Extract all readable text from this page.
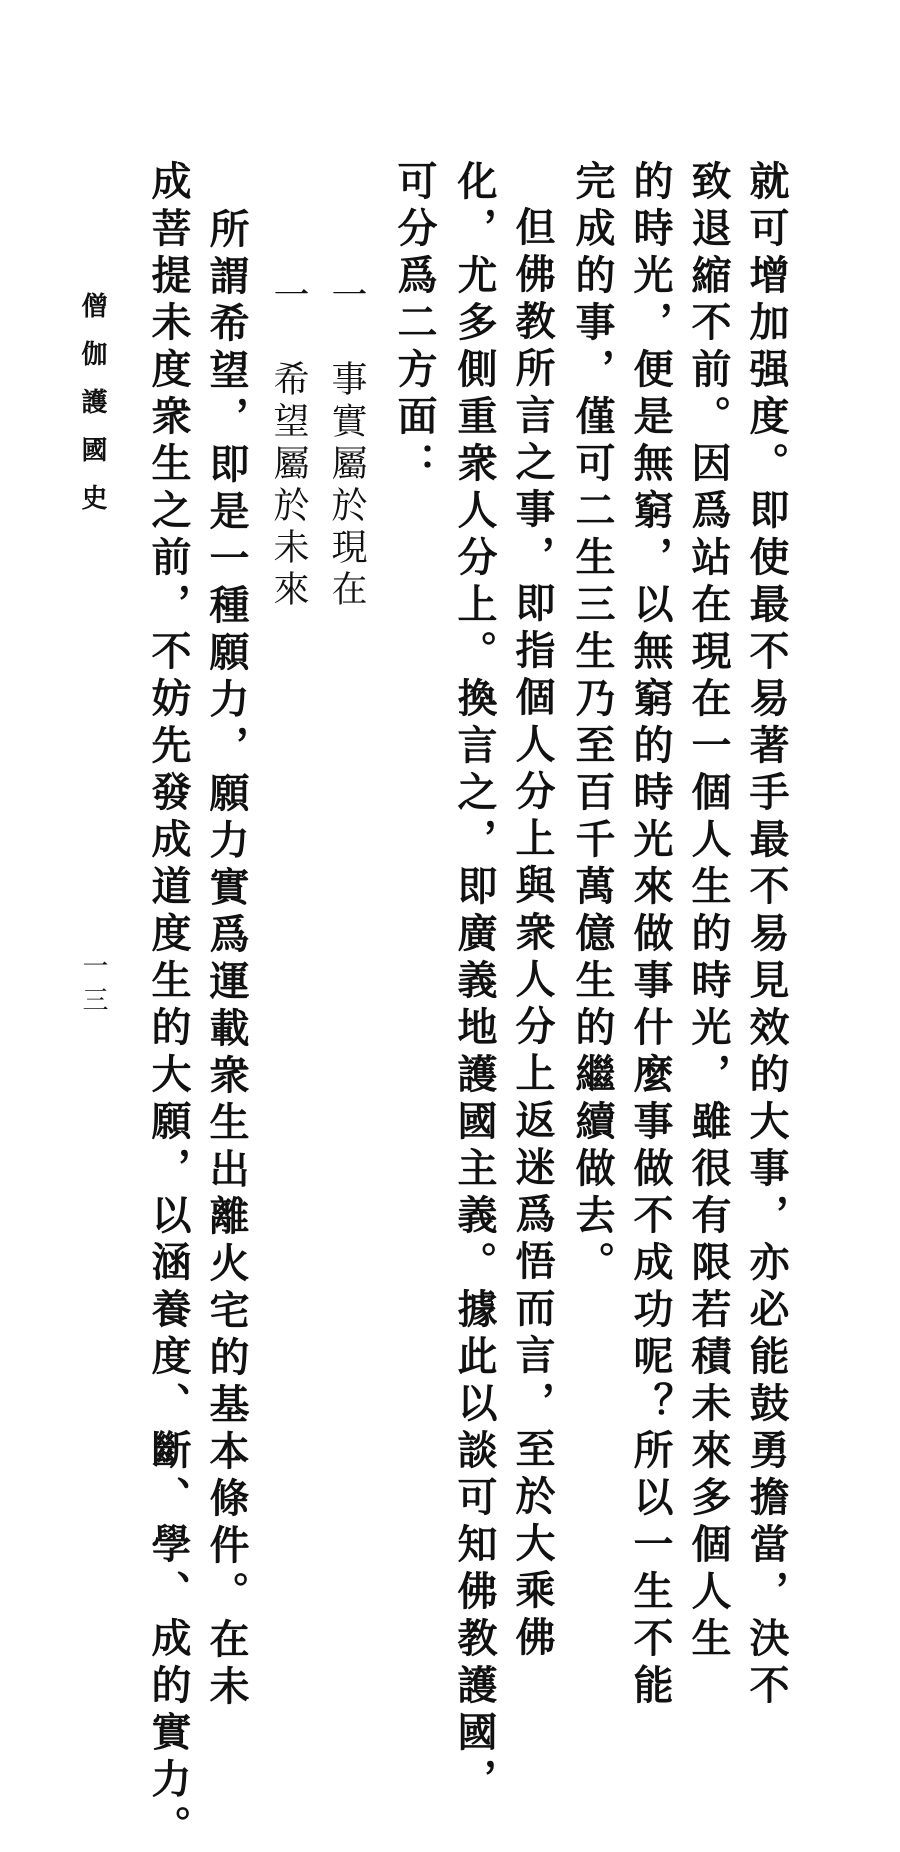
就可增加强度。即使最不易著手最不易見效的大事，亦必能鼓勇擔當，決不
致退縮不前。因爲站在現在一個人生的時光，雖很有限若積未來多個人生
的時光，便是無窮，以無窮的時光來做事什麼事做不成功呢？所以一生不能
完成的事，僅可二生三生乃至百千萬億生的繼續做去。
但佛教所言之事，即指個人分上與衆人分上返迷爲悟而言，至於大乘佛
化，尤多側重衆人分上。換言之，即廣義地護國主義。據此以談可知佛教護國，
可分爲二方面：
一　事實屬於現在
一　希望屬於未來
所謂希望，即是一種願力，願力實爲運載衆生出離火宅的基本條件。在未
成菩提未度衆生之前，不妨先發成道度生的大願，以涵養度、斷、學、成的實力。
僧伽護國史
一三
